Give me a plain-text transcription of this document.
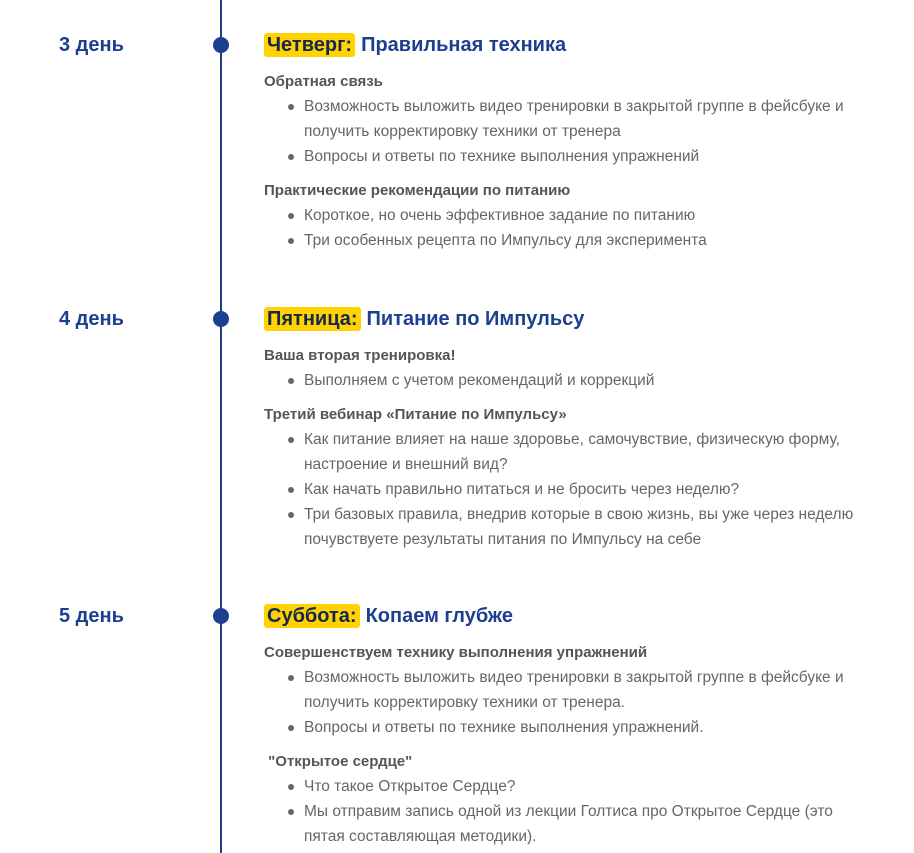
3 день	Четверг: Правильная техника
Обратная связь
Возможность выложить видео тренировки в закрытой группе в фейсбуке и получить корректировку техники от тренера
Вопросы и ответы по технике выполнения упражнений
Практические рекомендации по питанию
Короткое, но очень эффективное задание по питанию
Три особенных рецепта по Импульсу для эксперимента
4 день	Пятница: Питание по Импульсу
Ваша вторая тренировка!
Выполняем с учетом рекомендаций и коррекций
Третий вебинар «Питание по Импульсу»
Как питание влияет на наше здоровье, самочувствие, физическую форму, настроение и внешний вид?
Как начать правильно питаться и не бросить через неделю?
Три базовых правила, внедрив которые в свою жизнь, вы уже через неделю почувствуете результаты питания по Импульсу на себе
5 день	Суббота: Копаем глубже
Совершенствуем технику выполнения упражнений
Возможность выложить видео тренировки в закрытой группе в фейсбуке и получить корректировку техники от тренера.
Вопросы и ответы по технике выполнения упражнений.
"Открытое сердце"
Что такое Открытое Сердце?
Мы отправим запись одной из лекции Голтиса про Открытое Сердце (это пятая составляющая методики).
